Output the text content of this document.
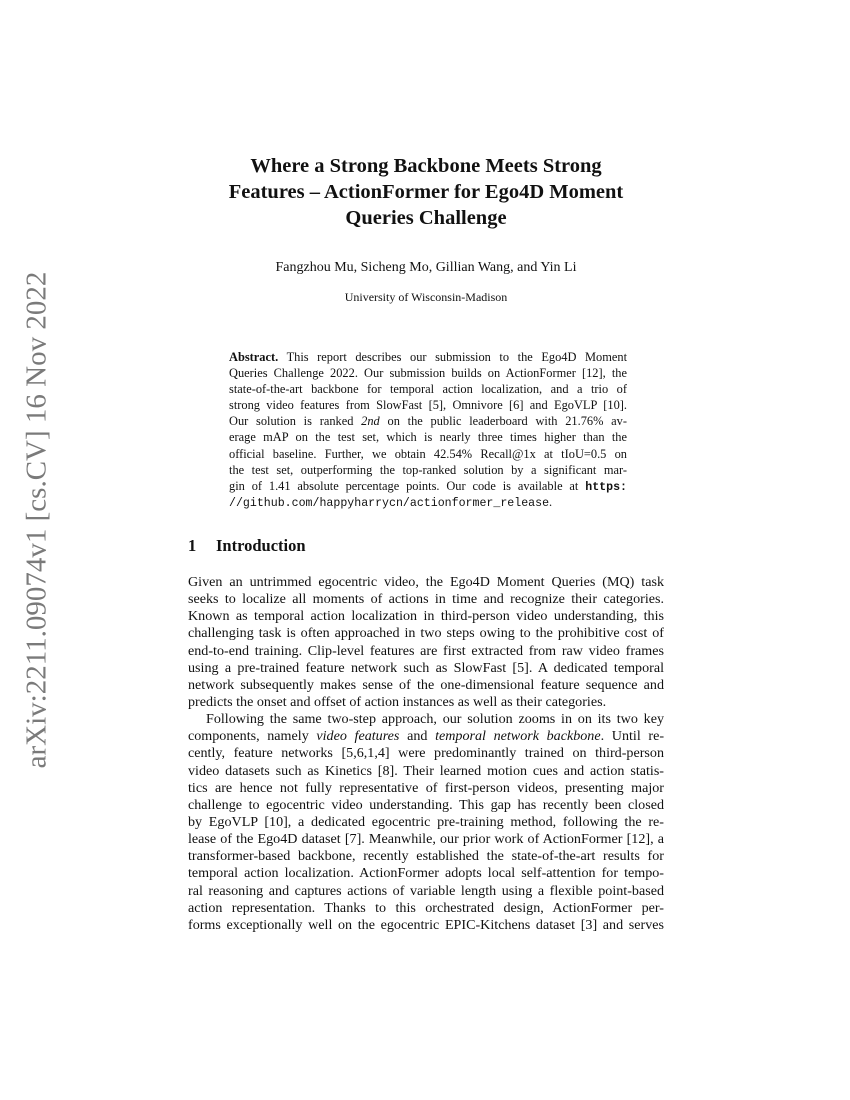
arXiv:2211.09074v1 [cs.CV] 16 Nov 2022
Where a Strong Backbone Meets Strong
Features – ActionFormer for Ego4D Moment
Queries Challenge

Fangzhou Mu, Sicheng Mo, Gillian Wang, and Yin Li

University of Wisconsin-Madison

Abstract. This report describes our submission to the Ego4D Moment
Queries Challenge 2022. Our submission builds on ActionFormer [12], the
state-of-the-art backbone for temporal action localization, and a trio of
strong video features from SlowFast [5], Omnivore [6] and EgoVLP [10].
Our solution is ranked 2nd on the public leaderboard with 21.76% av-
erage mAP on the test set, which is nearly three times higher than the
official baseline. Further, we obtain 42.54% Recall@1x at tIoU=0.5 on
the test set, outperforming the top-ranked solution by a significant mar-
gin of 1.41 absolute percentage points. Our code is available at https:
//github.com/happyharrycn/actionformer_release.
1 Introduction
Given an untrimmed egocentric video, the Ego4D Moment Queries (MQ) task
seeks to localize all moments of actions in time and recognize their categories.
Known as temporal action localization in third-person video understanding, this
challenging task is often approached in two steps owing to the prohibitive cost of
end-to-end training. Clip-level features are first extracted from raw video frames
using a pre-trained feature network such as SlowFast [5]. A dedicated temporal
network subsequently makes sense of the one-dimensional feature sequence and
predicts the onset and offset of action instances as well as their categories.
Following the same two-step approach, our solution zooms in on its two key
components, namely video features and temporal network backbone. Until re-
cently, feature networks [5,6,1,4] were predominantly trained on third-person
video datasets such as Kinetics [8]. Their learned motion cues and action statis-
tics are hence not fully representative of first-person videos, presenting major
challenge to egocentric video understanding. This gap has recently been closed
by EgoVLP [10], a dedicated egocentric pre-training method, following the re-
lease of the Ego4D dataset [7]. Meanwhile, our prior work of ActionFormer [12], a
transformer-based backbone, recently established the state-of-the-art results for
temporal action localization. ActionFormer adopts local self-attention for tempo-
ral reasoning and captures actions of variable length using a flexible point-based
action representation. Thanks to this orchestrated design, ActionFormer per-
forms exceptionally well on the egocentric EPIC-Kitchens dataset [3] and serves
